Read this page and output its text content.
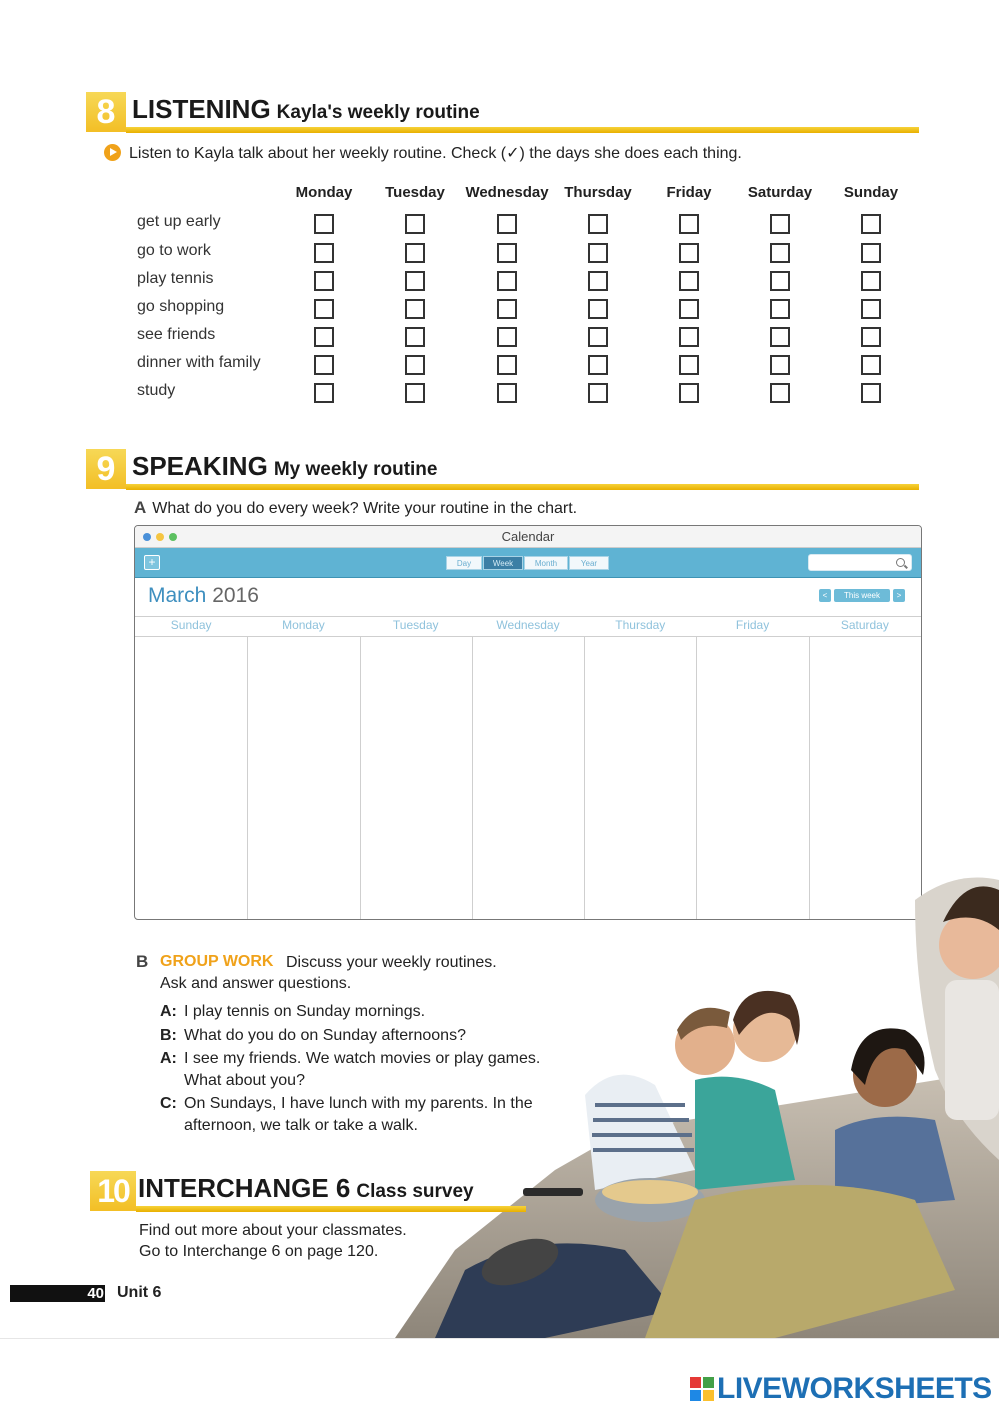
8 LISTENING Kayla's weekly routine
Listen to Kayla talk about her weekly routine. Check (✓) the days she does each thing.
Monday Tuesday Wednesday Thursday Friday Saturday Sunday
get up early
go to work
play tennis
go shopping
see friends
dinner with family
study
9 SPEAKING My weekly routine
A What do you do every week? Write your routine in the chart.
Calendar
+	Day	Week	Month	Year
March 2016	<	This week	>
Sunday	Monday	Tuesday	Wednesday	Thursday	Friday	Saturday
B GROUP WORK Discuss your weekly routines.
Ask and answer questions.
A: I play tennis on Sunday mornings.
B: What do you do on Sunday afternoons?
A: I see my friends. We watch movies or play games.
What about you?
C: On Sundays, I have lunch with my parents. In the
afternoon, we talk or take a walk.
10 INTERCHANGE 6 Class survey
Find out more about your classmates.
Go to Interchange 6 on page 120.
40 Unit 6
LIVEWORKSHEETS
